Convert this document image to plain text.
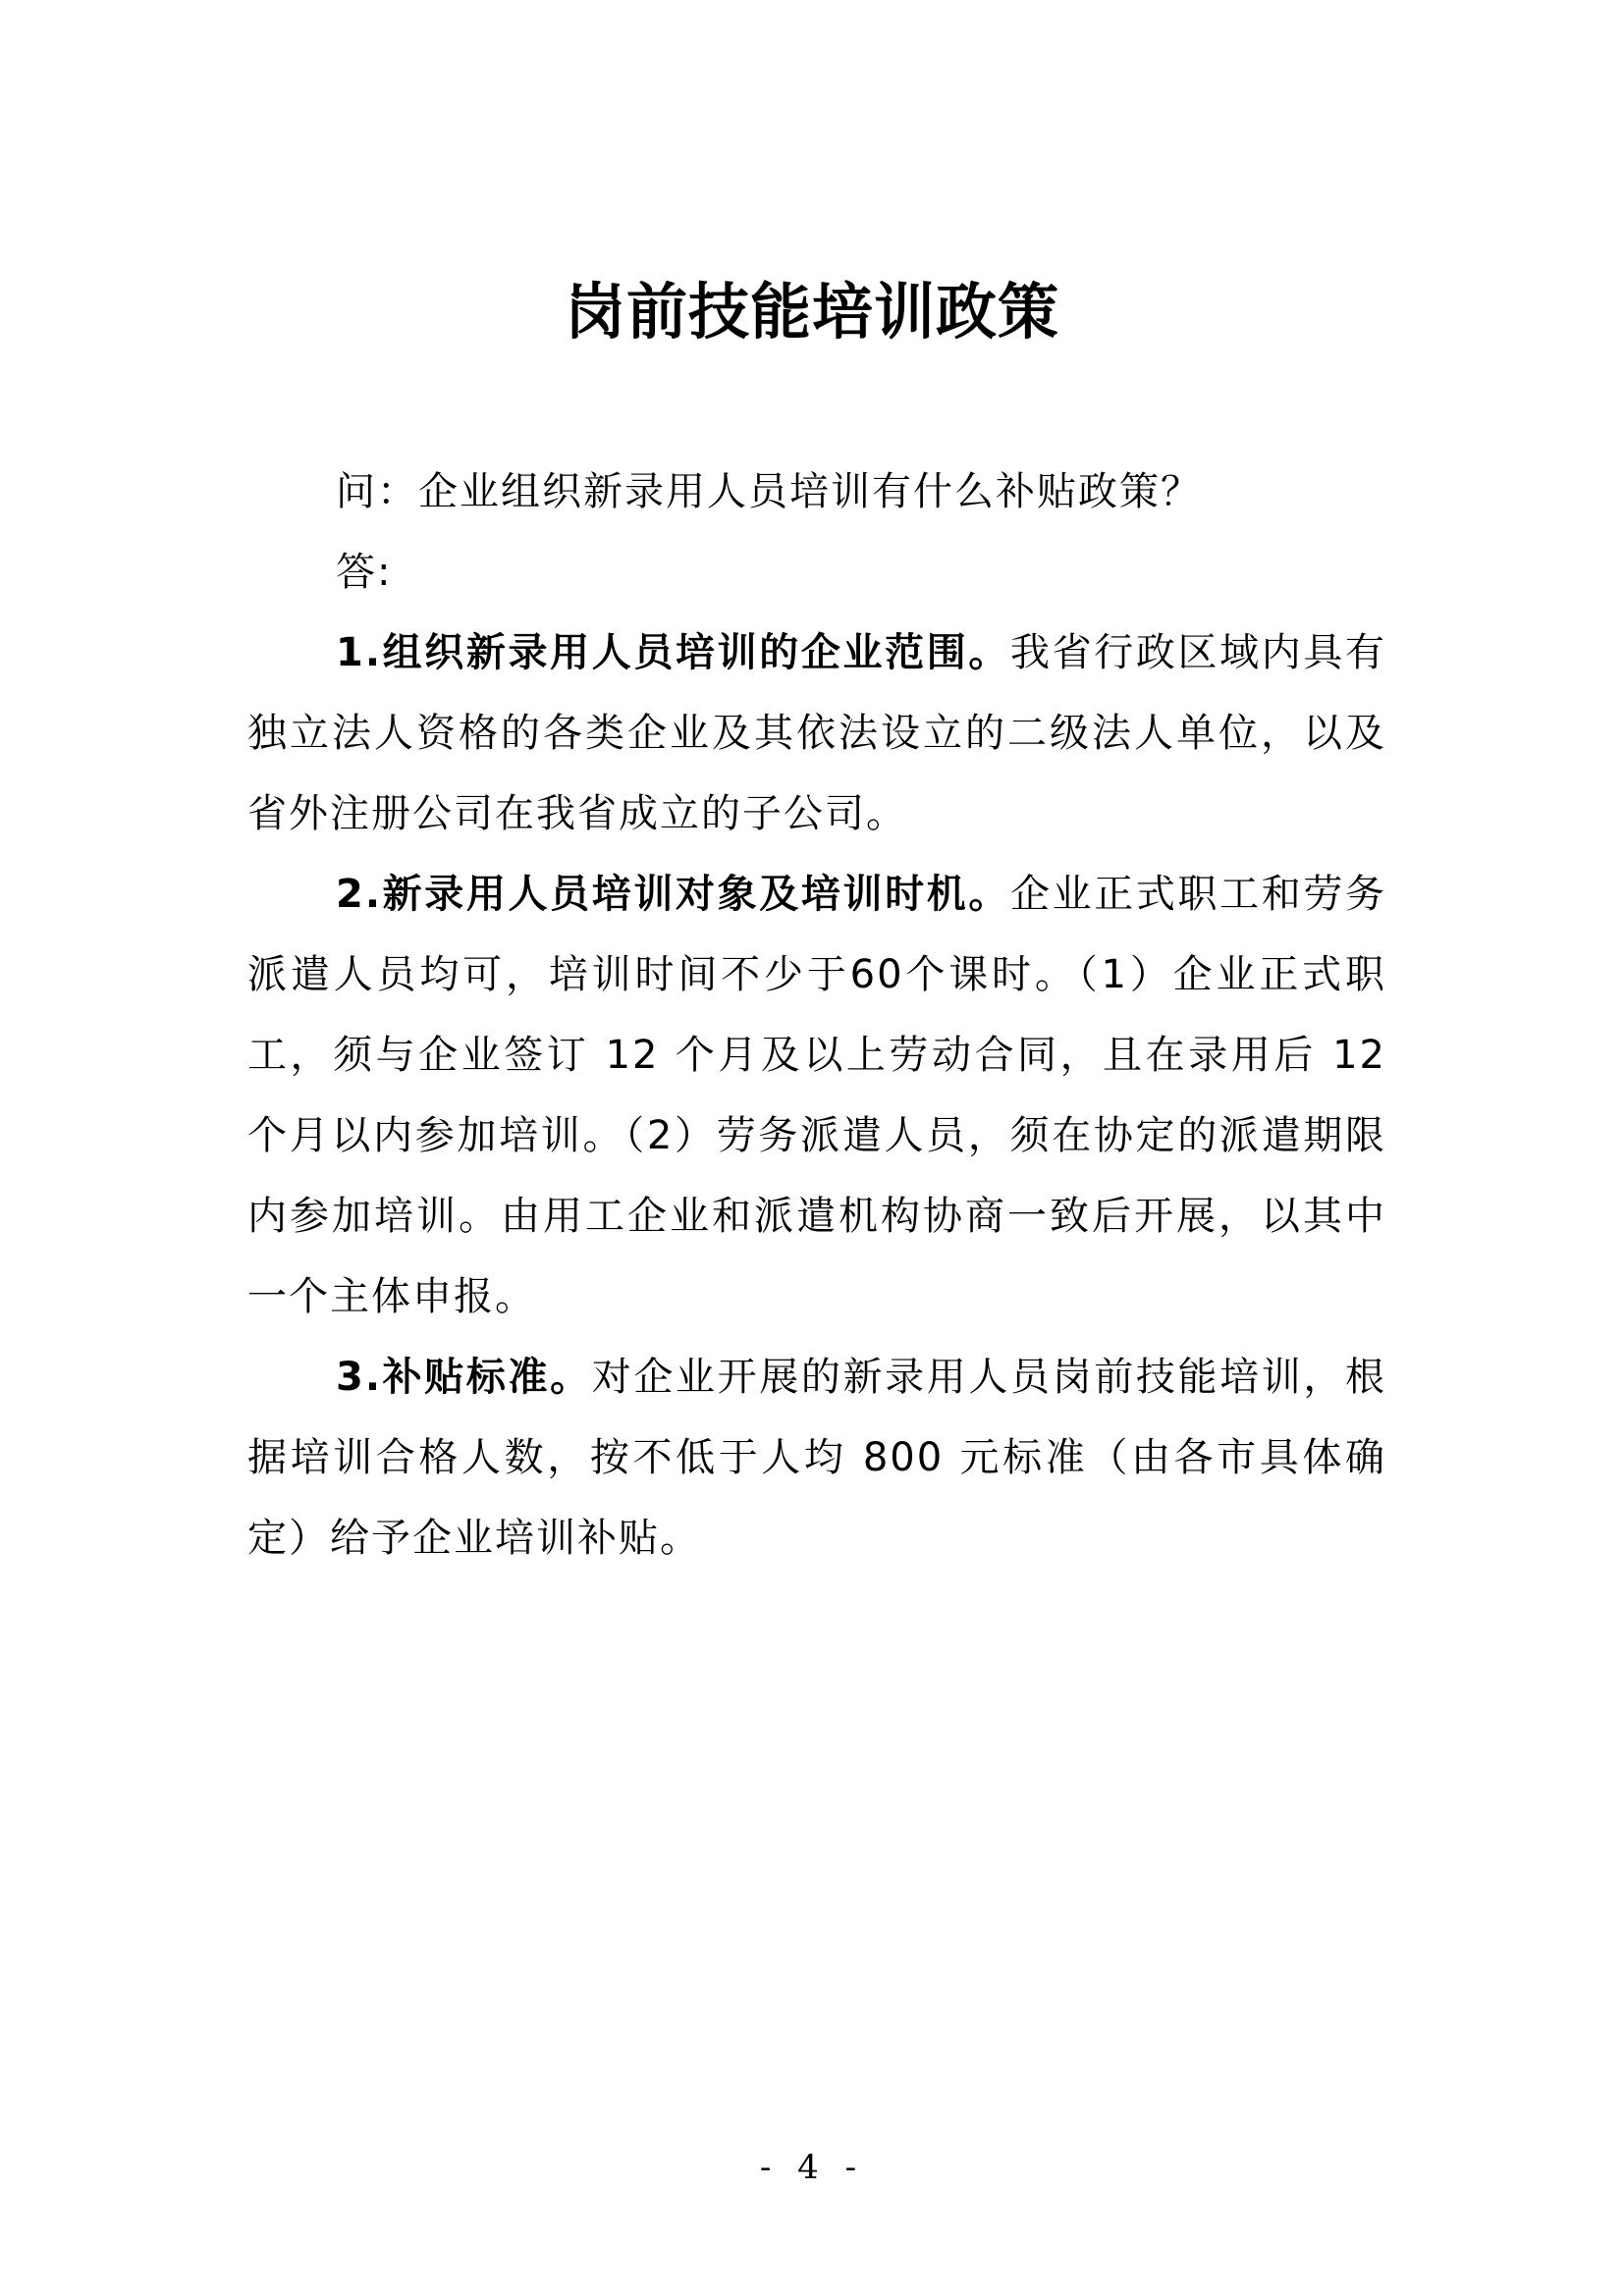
岗前技能培训政策

问：企业组织新录用人员培训有什么补贴政策？

答:

1.组织新录用人员培训的企业范围。我省行政区域内具有独立法人资格的各类企业及其依法设立的二级法人单位，以及省外注册公司在我省成立的子公司。

2.新录用人员培训对象及培训时机。企业正式职工和劳务派遣人员均可，培训时间不少于60个课时。（1）企业正式职工，须与企业签订 12 个月及以上劳动合同，且在录用后 12 个月以内参加培训。（2）劳务派遣人员，须在协定的派遣期限内参加培训。由用工企业和派遣机构协商一致后开展，以其中一个主体申报。

3.补贴标准。对企业开展的新录用人员岗前技能培训，根据培训合格人数，按不低于人均 800 元标准（由各市具体确定）给予企业培训补贴。

- 4 -
